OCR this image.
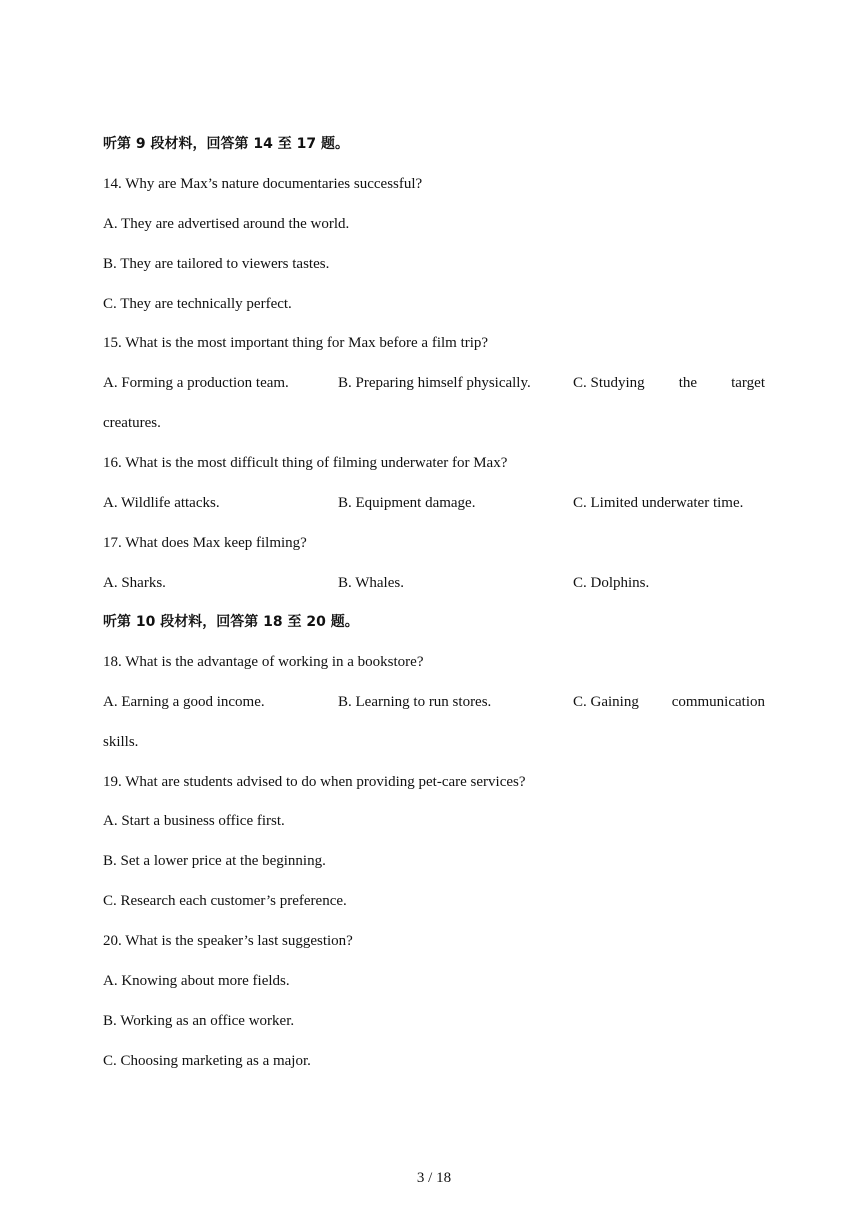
听第 9 段材料，回答第 14 至 17 题。
14. Why are Max’s nature documentaries successful?
A. They are advertised around the world.
B. They are tailored to viewers tastes.
C. They are technically perfect.
15. What is the most important thing for Max before a film trip?
A. Forming a production team.	B. Preparing himself physically.	C. Studying the target
creatures.
16. What is the most difficult thing of filming underwater for Max?
A. Wildlife attacks.	B. Equipment damage.	C. Limited underwater time.
17. What does Max keep filming?
A. Sharks.	B. Whales.	C. Dolphins.
听第 10 段材料，回答第 18 至 20 题。
18. What is the advantage of working in a bookstore?
A. Earning a good income.	B. Learning to run stores.	C. Gaining communication
skills.
19. What are students advised to do when providing pet-care services?
A. Start a business office first.
B. Set a lower price at the beginning.
C. Research each customer’s preference.
20. What is the speaker’s last suggestion?
A. Knowing about more fields.
B. Working as an office worker.
C. Choosing marketing as a major.
3 / 18
